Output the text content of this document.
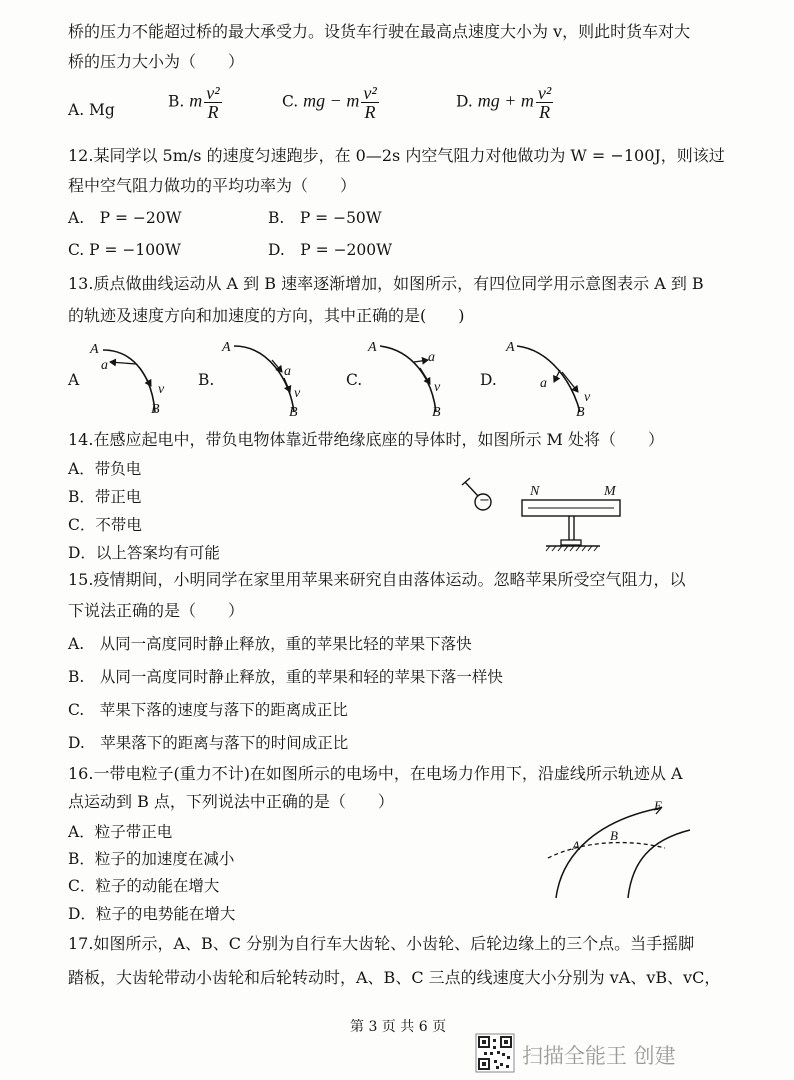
桥的压力不能超过桥的最大承受力。设货车行驶在最高点速度大小为 v，则此时货车对大
桥的压力大小为（　　）
A. Mg	B. m $\frac{\text{v²}}{R}$	C. mg − m $\frac{\text{v²}}{R}$	D. mg + m $\frac{\text{v²}}{R}$
12.某同学以 5m/s 的速度匀速跑步，在 0—2s 内空气阻力对他做功为 W = −100J，则该过
程中空气阻力做功的平均功率为（　　）
A.　P = −20W	B.　P = −50W
C. P = −100W	D.　P = −200W
13.质点做曲线运动从 A 到 B 速率逐渐增加，如图所示，有四位同学用示意图表示 A 到 B
的轨迹及速度方向和加速度的方向，其中正确的是(　　)
A	B.	C.	D.
A
a
v
B
A
a
v
B
A
a
v
B
A
a
v
B
14.在感应起电中，带负电物体靠近带绝缘底座的导体时，如图所示 M 处将（　　）
A．带负电
B．带正电
C．不带电
D．以上答案均有可能
N	M
−
15.疫情期间，小明同学在家里用苹果来研究自由落体运动。忽略苹果所受空气阻力，以
下说法正确的是（　　）
A.　从同一高度同时静止释放，重的苹果比轻的苹果下落快
B.　从同一高度同时静止释放，重的苹果和轻的苹果下落一样快
C.　苹果下落的速度与落下的距离成正比
D.　苹果落下的距离与落下的时间成正比
16.一带电粒子(重力不计)在如图所示的电场中，在电场力作用下，沿虚线所示轨迹从 A
点运动到 B 点，下列说法中正确的是（　　）
A．粒子带正电
B．粒子的加速度在减小
C．粒子的动能在增大
D．粒子的电势能在增大
E
A
B
17.如图所示，A、B、C 分别为自行车大齿轮、小齿轮、后轮边缘上的三个点。当手摇脚
踏板，大齿轮带动小齿轮和后轮转动时，A、B、C 三点的线速度大小分别为 vA、vB、vC，
第 3 页 共 6 页
扫描全能王 创建
